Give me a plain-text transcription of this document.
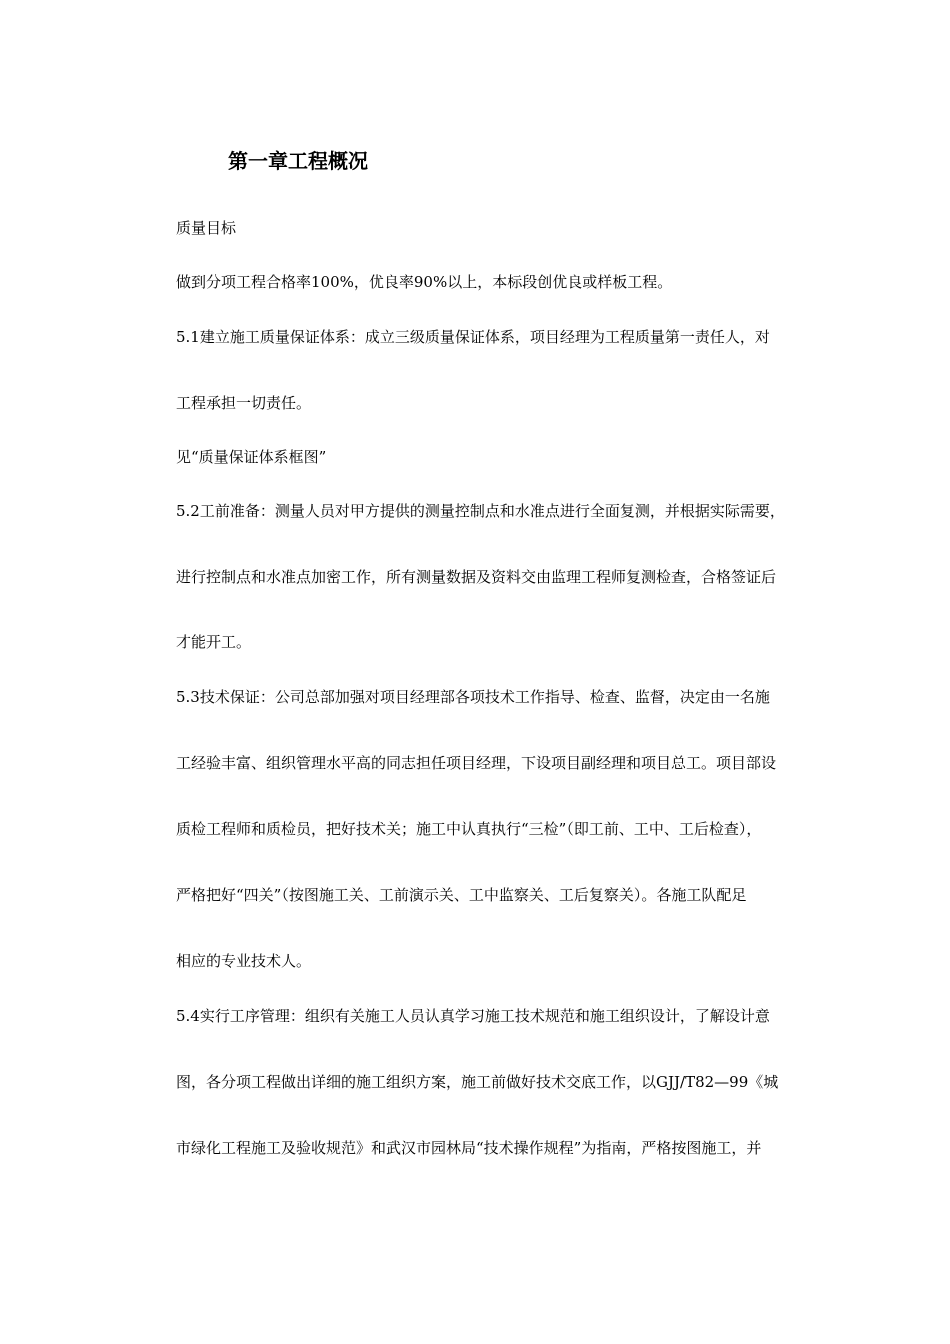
第一章工程概况

质量目标

做到分项工程合格率100%，优良率90%以上，本标段创优良或样板工程。

5.1建立施工质量保证体系：成立三级质量保证体系，项目经理为工程质量第一责任人，对

工程承担一切责任。

见“质量保证体系框图”

5.2工前准备：测量人员对甲方提供的测量控制点和水准点进行全面复测，并根据实际需要，

进行控制点和水准点加密工作，所有测量数据及资料交由监理工程师复测检查，合格签证后

才能开工。

5.3技术保证：公司总部加强对项目经理部各项技术工作指导、检查、监督，决定由一名施

工经验丰富、组织管理水平高的同志担任项目经理，下设项目副经理和项目总工。项目部设

质检工程师和质检员，把好技术关；施工中认真执行“三检”（即工前、工中、工后检查），

严格把好“四关”（按图施工关、工前演示关、工中监察关、工后复察关）。各施工队配足

相应的专业技术人。

5.4实行工序管理：组织有关施工人员认真学习施工技术规范和施工组织设计，了解设计意

图，各分项工程做出详细的施工组织方案，施工前做好技术交底工作，以GJJ/T82—99《城

市绿化工程施工及验收规范》和武汉市园林局“技术操作规程”为指南，严格按图施工，并
